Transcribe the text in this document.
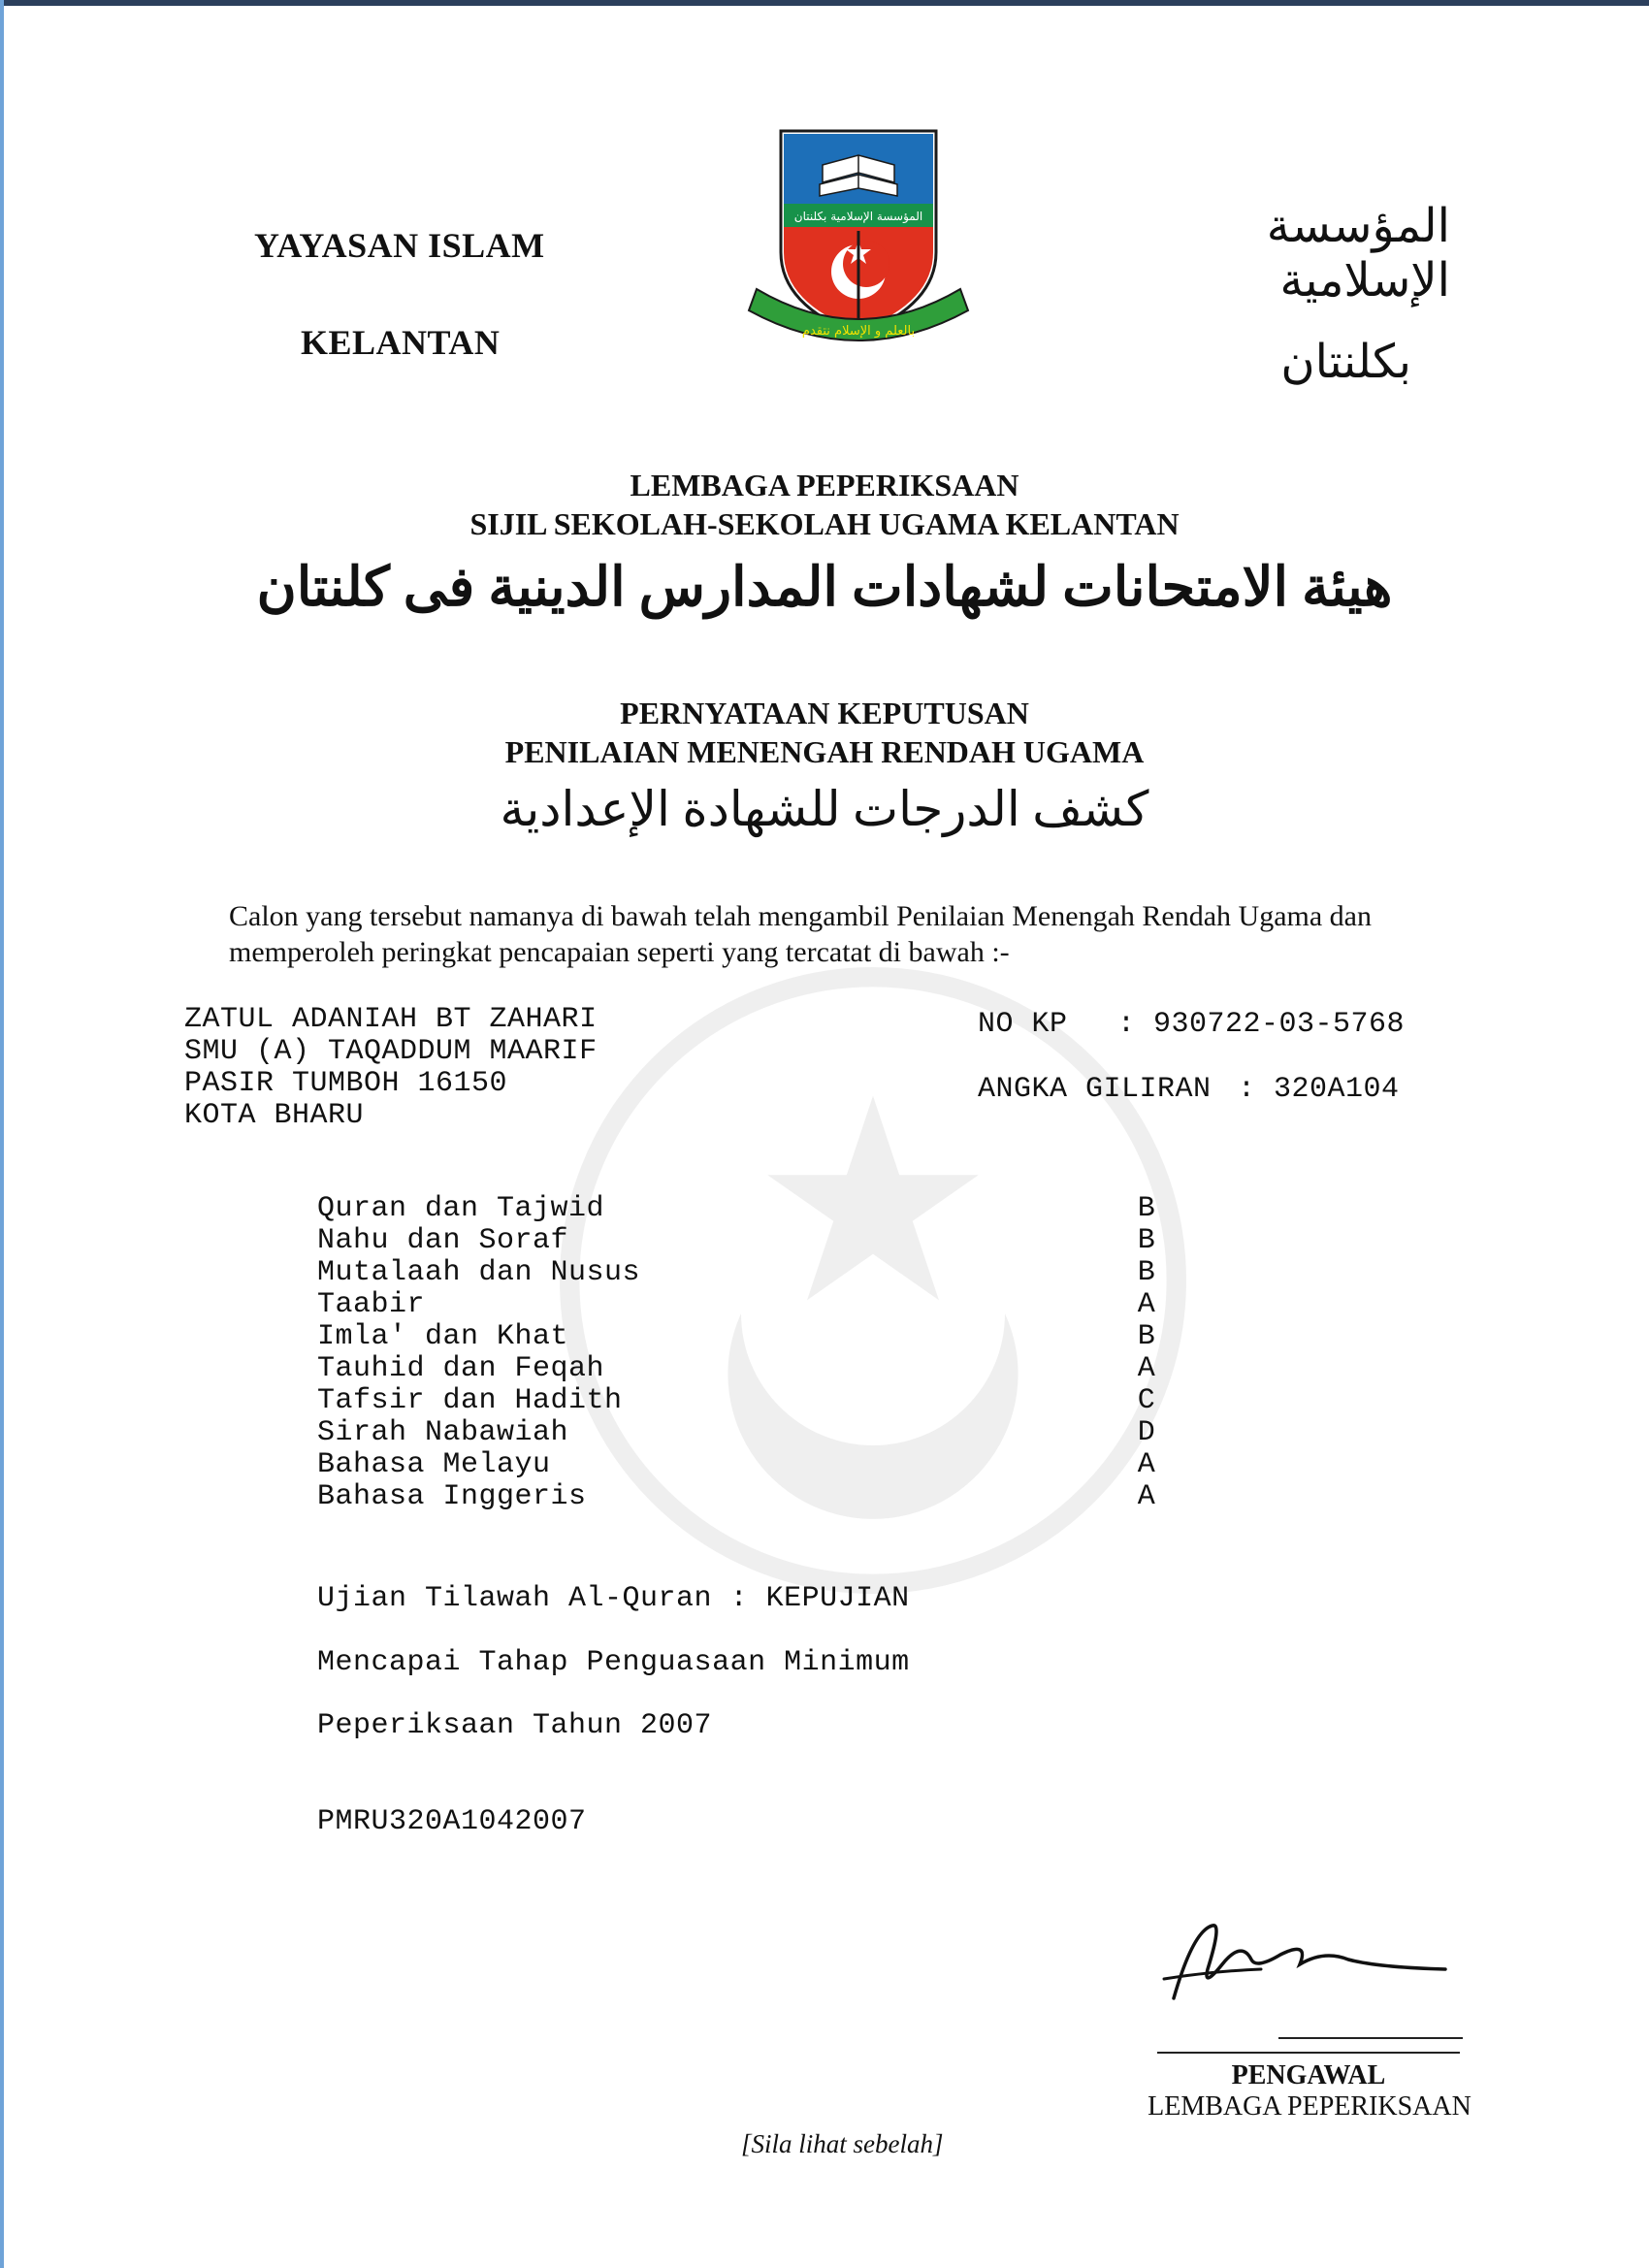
YAYASAN ISLAM
KELANTAN
المؤسسة الإسلامية
بكلنتان
المؤسسة الإسلامية بكلنتان
بالعلم و الإسلام نتقدم
LEMBAGA PEPERIKSAAN
SIJIL SEKOLAH-SEKOLAH UGAMA KELANTAN
هيئة الامتحانات لشهادات المدارس الدينية فى كلنتان
PERNYATAAN KEPUTUSAN
PENILAIAN MENENGAH RENDAH UGAMA
كشف الدرجات للشهادة الإعدادية
Calon yang tersebut namanya di bawah telah mengambil Penilaian Menengah Rendah Ugama dan
memperoleh peringkat pencapaian seperti yang tercatat di bawah :-
ZATUL ADANIAH BT ZAHARI
SMU (A) TAQADDUM MAARIF
PASIR TUMBOH 16150
KOTA BHARU
NO KP : 930722-03-5768
ANGKA GILIRAN : 320A104
Quran dan Tajwid	B
Nahu dan Soraf	B
Mutalaah dan Nusus	B
Taabir	A
Imla' dan Khat	B
Tauhid dan Feqah	A
Tafsir dan Hadith	C
Sirah Nabawiah	D
Bahasa Melayu	A
Bahasa Inggeris	A
Ujian Tilawah Al-Quran : KEPUJIAN
Mencapai Tahap Penguasaan Minimum
Peperiksaan Tahun 2007
PMRU320A1042007
PENGAWAL
LEMBAGA PEPERIKSAAN
[Sila lihat sebelah]
